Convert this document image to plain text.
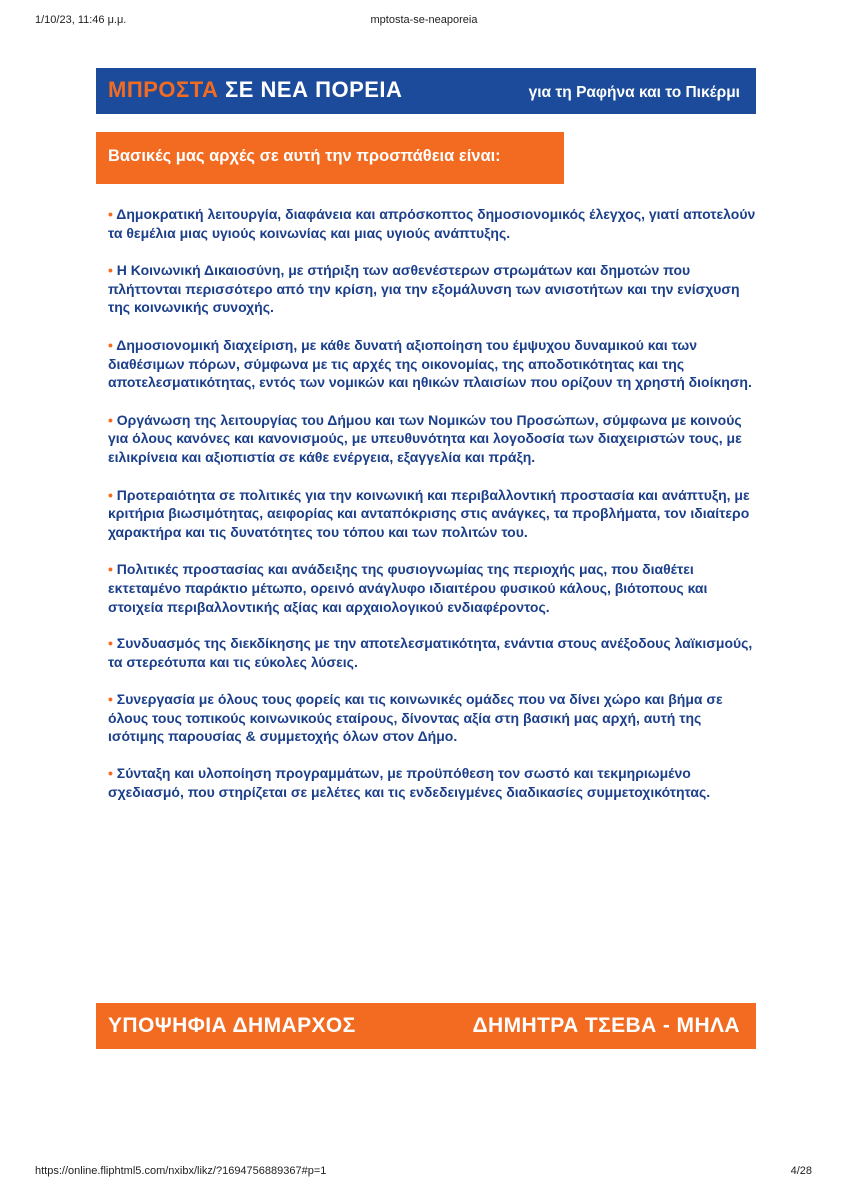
1/10/23, 11:46 μ.μ.	mptosta-se-neaporeia
ΜΠΡΟΣΤΑ ΣΕ ΝΕΑ ΠΟΡΕΙΑ	για τη Ραφήνα και το Πικέρμι
Βασικές μας αρχές σε αυτή την προσπάθεια είναι:
• Δημοκρατική λειτουργία, διαφάνεια και απρόσκοπτος δημοσιονομικός έλεγχος, γιατί αποτελούν τα θεμέλια μιας υγιούς κοινωνίας και μιας υγιούς ανάπτυξης.
• Η Κοινωνική Δικαιοσύνη, με στήριξη των ασθενέστερων στρωμάτων και δημοτών που πλήττονται περισσότερο από την κρίση, για την εξομάλυνση των ανισοτήτων και την ενίσχυση της κοινωνικής συνοχής.
• Δημοσιονομική διαχείριση, με κάθε δυνατή αξιοποίηση του έμψυχου δυναμικού και των διαθέσιμων πόρων, σύμφωνα με τις αρχές της οικονομίας, της αποδοτικότητας και της αποτελεσματικότητας, εντός των νομικών και ηθικών πλαισίων που ορίζουν τη χρηστή διοίκηση.
• Οργάνωση της λειτουργίας του Δήμου και των Νομικών του Προσώπων, σύμφωνα με κοινούς για όλους κανόνες και κανονισμούς, με υπευθυνότητα και λογοδοσία των διαχειριστών τους, με ειλικρίνεια και αξιοπιστία σε κάθε ενέργεια, εξαγγελία και πράξη.
• Προτεραιότητα σε πολιτικές για την κοινωνική και περιβαλλοντική προστασία και ανάπτυξη, με κριτήρια βιωσιμότητας, αειφορίας και ανταπόκρισης στις ανάγκες, τα προβλήματα, τον ιδιαίτερο χαρακτήρα και τις δυνατότητες του τόπου και των πολιτών του.
• Πολιτικές προστασίας και ανάδειξης της φυσιογνωμίας της περιοχής μας, που διαθέτει εκτεταμένο παράκτιο μέτωπο, ορεινό ανάγλυφο ιδιαιτέρου φυσικού κάλους, βιότοπους και στοιχεία περιβαλλοντικής αξίας και αρχαιολογικού ενδιαφέροντος.
• Συνδυασμός της διεκδίκησης με την αποτελεσματικότητα, ενάντια στους ανέξοδους λαϊκισμούς, τα στερεότυπα και τις εύκολες λύσεις.
• Συνεργασία με όλους τους φορείς και τις κοινωνικές ομάδες που να δίνει χώρο και βήμα σε όλους τους τοπικούς κοινωνικούς εταίρους, δίνοντας αξία στη βασική μας αρχή, αυτή της ισότιμης παρουσίας & συμμετοχής όλων στον Δήμο.
• Σύνταξη και υλοποίηση προγραμμάτων, με προϋπόθεση τον σωστό και τεκμηριωμένο σχεδιασμό, που στηρίζεται σε μελέτες και τις ενδεδειγμένες διαδικασίες συμμετοχικότητας.
ΥΠΟΨΗΦΙΑ ΔΗΜΑΡΧΟΣ	ΔΗΜΗΤΡΑ ΤΣΕΒΑ - ΜΗΛΑ
https://online.fliphtml5.com/nxibx/likz/?1694756889367#p=1	4/28
